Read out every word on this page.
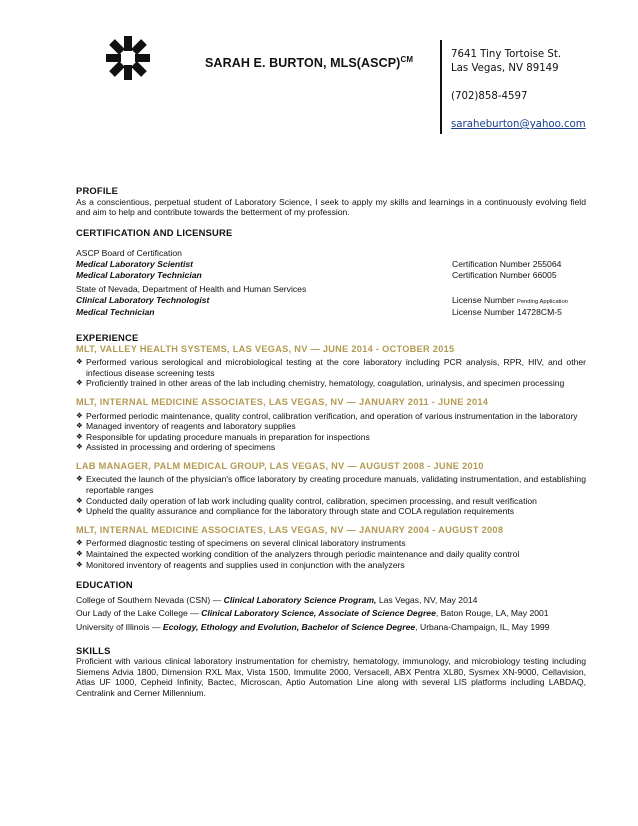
SARAH E. BURTON, MLS(ASCP)$^{CM}$	7641 Tiny Tortoise St.
Las Vegas, NV 89149
(702)858-4597
saraheburton@yahoo.com
PROFILE
As a conscientious, perpetual student of Laboratory Science, I seek to apply my skills and learnings in a continuously evolving field and aim to help and contribute towards the betterment of my profession.
CERTIFICATION AND LICENSURE
ASCP Board of Certification
Medical Laboratory Scientist	Certification Number 255064
Medical Laboratory Technician	Certification Number 66005
State of Nevada, Department of Health and Human Services
Clinical Laboratory Technologist	License Number Pending Application
Medical Technician	License Number 14728CM-5
EXPERIENCE
MLT, VALLEY HEALTH SYSTEMS, LAS VEGAS, NV — JUNE 2014 - OCTOBER 2015
❖ Performed various serological and microbiological testing at the core laboratory including PCR analysis, RPR, HIV, and other infectious disease screening tests
❖ Proficiently trained in other areas of the lab including chemistry, hematology, coagulation, urinalysis, and specimen processing
MLT, INTERNAL MEDICINE ASSOCIATES, LAS VEGAS, NV — JANUARY 2011 - JUNE 2014
❖ Performed periodic maintenance, quality control, calibration verification, and operation of various instrumentation in the laboratory
❖ Managed inventory of reagents and laboratory supplies
❖ Responsible for updating procedure manuals in preparation for inspections
❖ Assisted in processing and ordering of specimens
LAB MANAGER, PALM MEDICAL GROUP, LAS VEGAS, NV — AUGUST 2008 - JUNE 2010
❖ Executed the launch of the physician's office laboratory by creating procedure manuals, validating instrumentation, and establishing reportable ranges
❖ Conducted daily operation of lab work including quality control, calibration, specimen processing, and result verification
❖ Upheld the quality assurance and compliance for the laboratory through state and COLA regulation requirements
MLT, INTERNAL MEDICINE ASSOCIATES, LAS VEGAS, NV — JANUARY 2004 - AUGUST 2008
❖ Performed diagnostic testing of specimens on several clinical laboratory instruments
❖ Maintained the expected working condition of the analyzers through periodic maintenance and daily quality control
❖ Monitored inventory of reagents and supplies used in conjunction with the analyzers
EDUCATION
College of Southern Nevada (CSN) — Clinical Laboratory Science Program, Las Vegas, NV, May 2014
Our Lady of the Lake College — Clinical Laboratory Science, Associate of Science Degree, Baton Rouge, LA, May 2001
University of Illinois — Ecology, Ethology and Evolution, Bachelor of Science Degree, Urbana-Champaign, IL, May 1999
SKILLS
Proficient with various clinical laboratory instrumentation for chemistry, hematology, immunology, and microbiology testing including Siemens Advia 1800, Dimension RXL Max, Vista 1500, Immulite 2000, Versacell, ABX Pentra XL80, Sysmex XN-9000, Cellavision, Atlas UF 1000, Cepheid Infinity, Bactec, Microscan, Aptio Automation Line along with several LIS platforms including LABDAQ, Centralink and Cerner Millennium.
